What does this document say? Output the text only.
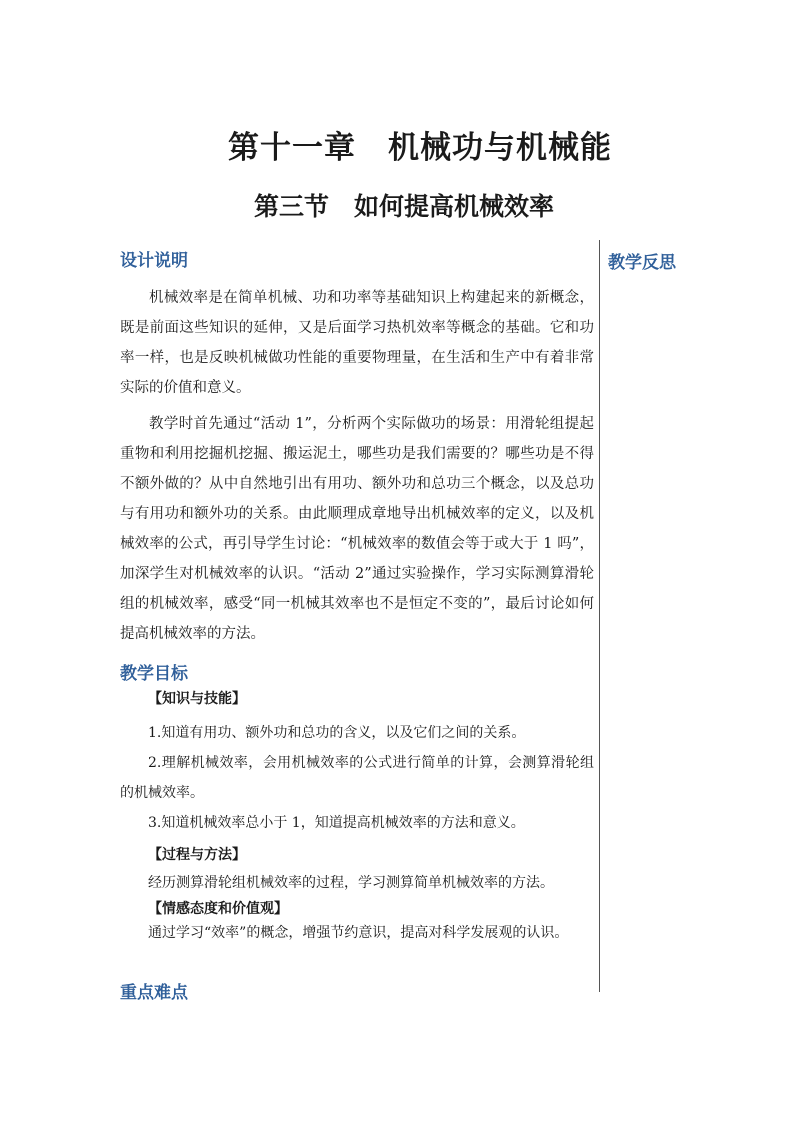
第十一章　机械功与机械能
第三节　如何提高机械效率
教学反思
设计说明

机械效率是在简单机械、功和功率等基础知识上构建起来的新概念，既是前面这些知识的延伸，又是后面学习热机效率等概念的基础。它和功率一样，也是反映机械做功性能的重要物理量，在生活和生产中有着非常实际的价值和意义。

教学时首先通过“活动 1”，分析两个实际做功的场景：用滑轮组提起重物和利用挖掘机挖掘、搬运泥土，哪些功是我们需要的？哪些功是不得不额外做的？从中自然地引出有用功、额外功和总功三个概念，以及总功与有用功和额外功的关系。由此顺理成章地导出机械效率的定义，以及机械效率的公式，再引导学生讨论：“机械效率的数值会等于或大于 1 吗”，加深学生对机械效率的认识。“活动 2”通过实验操作，学习实际测算滑轮组的机械效率，感受“同一机械其效率也不是恒定不变的”，最后讨论如何提高机械效率的方法。

教学目标
【知识与技能】

1.知道有用功、额外功和总功的含义，以及它们之间的关系。

2.理解机械效率，会用机械效率的公式进行简单的计算，会测算滑轮组的机械效率。

3.知道机械效率总小于 1，知道提高机械效率的方法和意义。

【过程与方法】

经历测算滑轮组机械效率的过程，学习测算简单机械效率的方法。

【情感态度和价值观】

通过学习“效率”的概念，增强节约意识，提高对科学发展观的认识。

重点难点
